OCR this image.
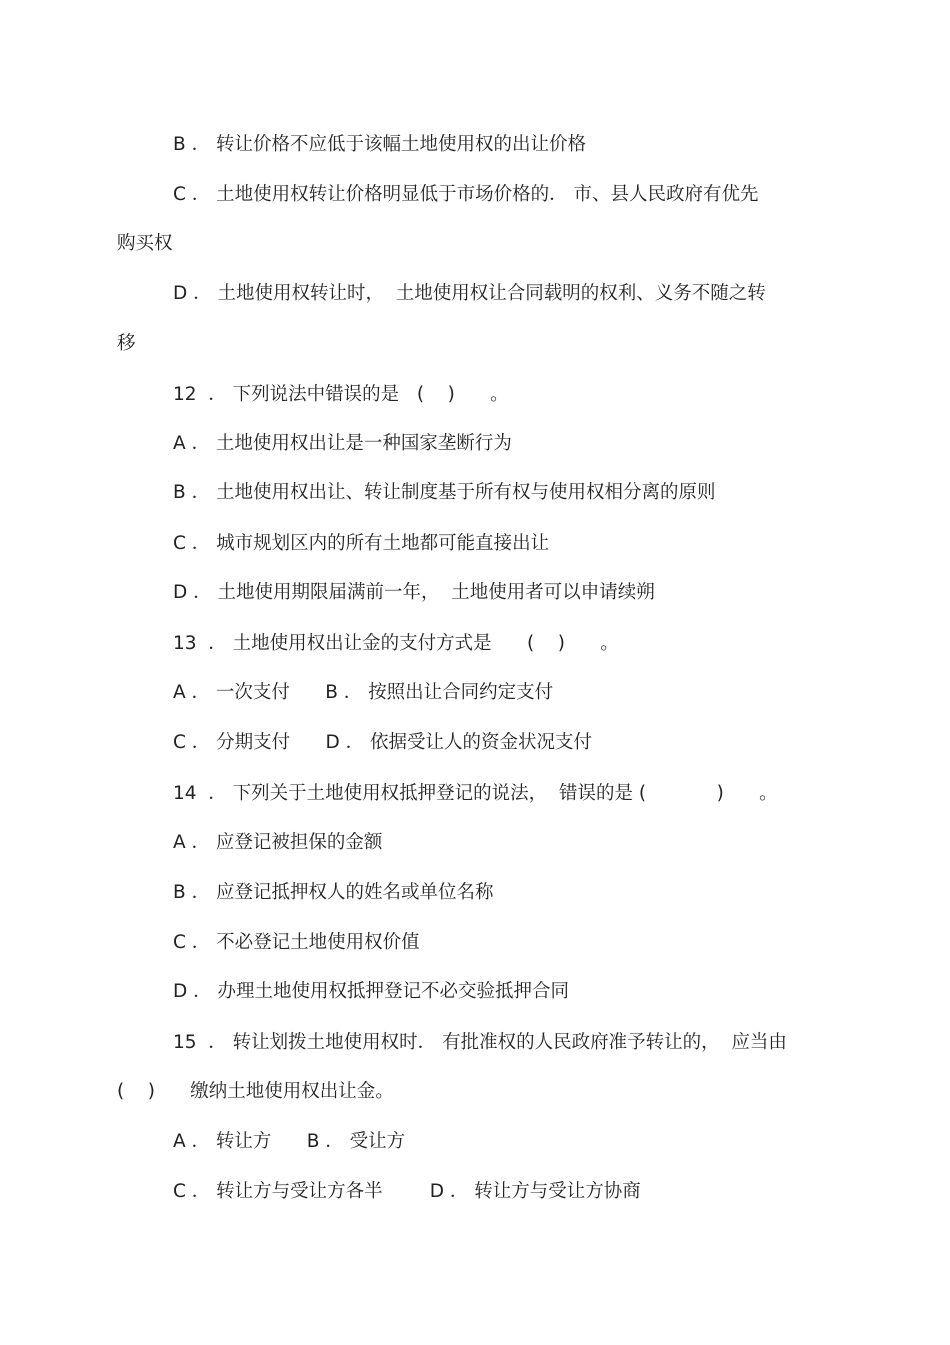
B ． 转让价格不应低于该幅土地使用权的出让价格

C ． 土地使用权转让价格明显低于市场价格的． 市、县人民政府有优先

购买权

D ． 土地使用权转让时，  土地使用权让合同载明的权利、义务不随之转

移

12  ． 下列说法中错误的是   (    )      。

A ． 土地使用权出让是一种国家垄断行为

B ． 土地使用权出让、转让制度基于所有权与使用权相分离的原则

C ． 城市规划区内的所有土地都可能直接出让

D ． 土地使用期限届满前一年，  土地使用者可以申请续朔

13  ． 土地使用权出让金的支付方式是      (    )      。

A ． 一次支付      B ． 按照出让合同约定支付

C ． 分期支付      D ． 依据受让人的资金状况支付

14  ． 下列关于土地使用权抵押登记的说法，  错误的是 (            )      。

A ． 应登记被担保的金额

B ． 应登记抵押权人的姓名或单位名称

C ． 不必登记土地使用权价值

D ． 办理土地使用权抵押登记不必交验抵押合同

15  ． 转让划拨土地使用权时． 有批准权的人民政府准予转让的，  应当由

(    )      缴纳土地使用权出让金。

A ． 转让方      B ． 受让方

C ． 转让方与受让方各半        D ． 转让方与受让方协商
